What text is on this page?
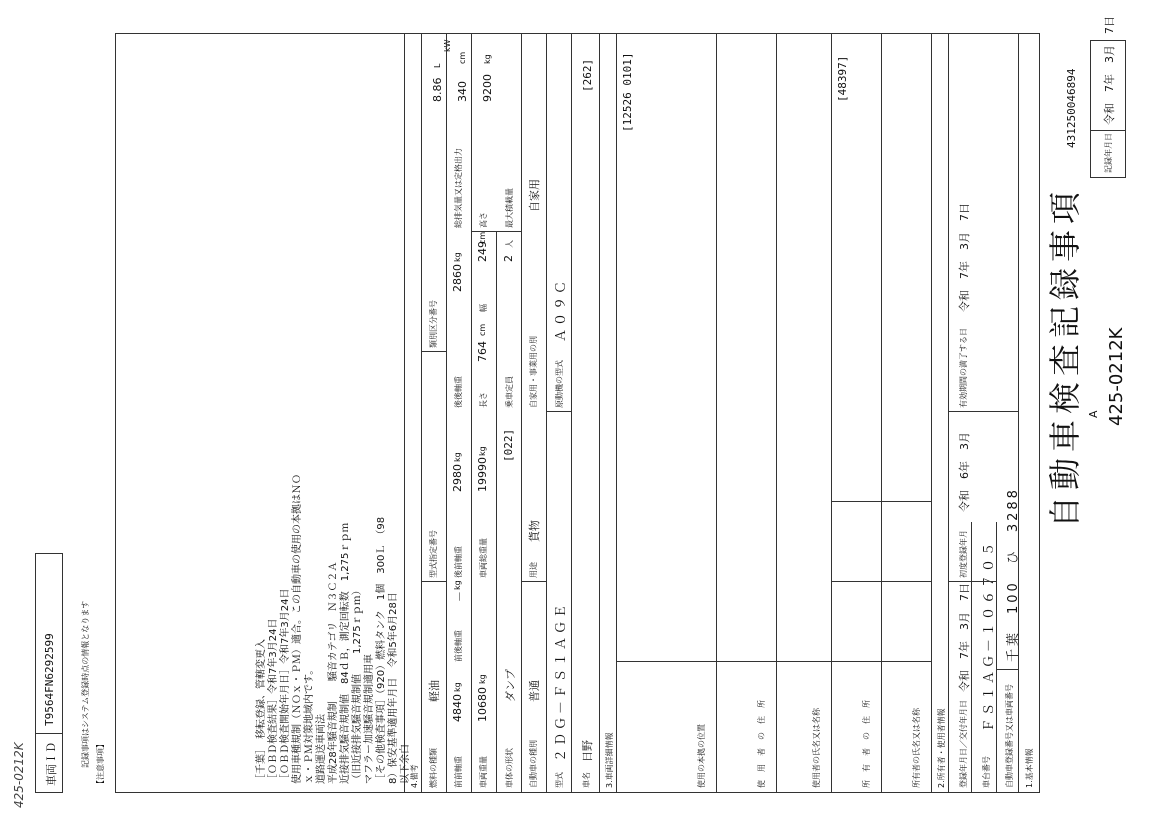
425-0212K
A
自動車検査記録事項
記録年月日
令和　7年　3月　7日
431250046894
1.基本情報
自動車登録番号又は車両番号
千葉　100　ひ　3288
車台番号
ＦＳ１ＡＧ－１０６７０５
登録年月日／交付年月日
令和　7年　3月　7日
初度登録年月
令和　6年　3月
有効期間の満了する日
令和　7年　3月　7日
2.所有者・使用者情報
所有者の氏名又は名称
所　有　者　の　住　所
[48397]
使用者の氏名又は名称
使　用　者　の　住　所
使用の本拠の位置
[12526 0101]
3.車両詳細情報
車名
日野
[262]
型式
２ＤＧ－ＦＳ１ＡＧＥ
原動機の型式
Ａ０９Ｃ
自動車の種別
普通
用途
貨物
自家用・事業用の別
自家用
車体の形状
ダンプ
[022]
乗車定員
2
人
最大積載量
9200
kg
車両重量
10680
kg
車両総重量
19990
kg
長さ
764
cm
幅
249
cm
高さ
340
cm
前前軸重
4840
kg
前後軸重
－
kg
後前軸重
2980
kg
後後軸重
2860
kg
総排気量又は定格出力
8.86
L
kW
燃料の種類
軽油
型式指定番号
類別区分番号
4.備考
［千葉］　移転登録、管轄変更入 ［ＯＢＤ検査結果］令和7年3月24日 ［ＯＢＤ検査開始年月日］令和7年3月24日 使用車種規制（ＮＯｘ・ＰＭ）適合。この自動車の使用の本拠はＮＯ ｘ・ＰＭ対策地域内です。 道路運送車両法 平成28年騒音規制　　騒音カテゴリ　Ｎ３Ｃ２Ａ 近接排気騒音規制値　84ｄＢ，測定回転数　1,275ｒｐｍ （旧近接排気騒音規制値　　1,275ｒｐｍ） マフラー加速騒音規制適用車 ［その他検査事項］（920）燃料タンク　1個　300Ｌ　（98 8）保安基準適用年月日　令和5年6月28日 以下余白
【注意事項】
記録事項はシステム登録時点の情報となります
車両ＩＤ
T9564FN6292599
425-0212K
